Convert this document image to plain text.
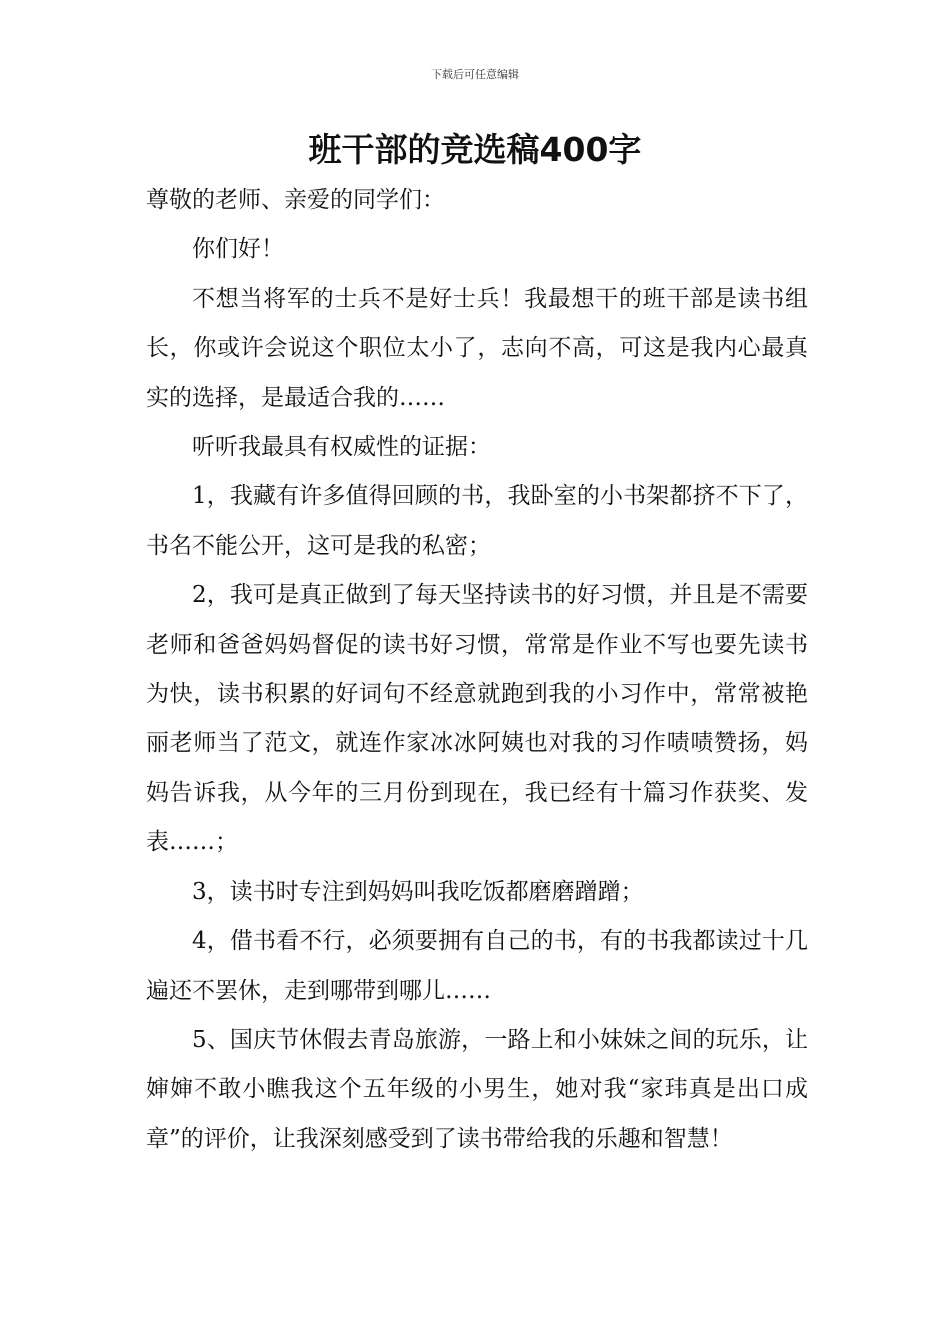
下载后可任意编辑
班干部的竞选稿400字

尊敬的老师、亲爱的同学们：

你们好！

不想当将军的士兵不是好士兵！我最想干的班干部是读书组长，你或许会说这个职位太小了，志向不高，可这是我内心最真实的选择，是最适合我的……

听听我最具有权威性的证据：

1，我藏有许多值得回顾的书，我卧室的小书架都挤不下了，书名不能公开，这可是我的私密；

2，我可是真正做到了每天坚持读书的好习惯，并且是不需要老师和爸爸妈妈督促的读书好习惯，常常是作业不写也要先读书为快，读书积累的好词句不经意就跑到我的小习作中，常常被艳丽老师当了范文，就连作家冰冰阿姨也对我的习作啧啧赞扬，妈妈告诉我，从今年的三月份到现在，我已经有十篇习作获奖、发表……；

3，读书时专注到妈妈叫我吃饭都磨磨蹭蹭；

4，借书看不行，必须要拥有自己的书，有的书我都读过十几遍还不罢休，走到哪带到哪儿……

5、国庆节休假去青岛旅游，一路上和小妹妹之间的玩乐，让婶婶不敢小瞧我这个五年级的小男生，她对我“家玮真是出口成章”的评价，让我深刻感受到了读书带给我的乐趣和智慧！
